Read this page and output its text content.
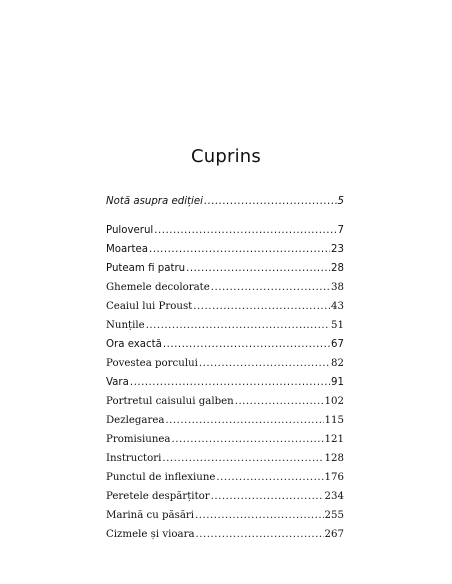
Cuprins
Notă asupra ediției .....	5
Puloverul .....	7
Moartea .....	23
Puteam fi patru .....	28
Ghemele decolorate .....	38
Ceaiul lui Proust .....	43
Nunțile .....	51
Ora exactă .....	67
Povestea porcului .....	82
Vara .....	91
Portretul caisului galben .....	102
Dezlegarea .....	115
Promisiunea .....	121
Instructori .....	128
Punctul de inflexiune .....	176
Peretele despărțitor .....	234
Marină cu păsări .....	255
Cizmele și vioara .....	267
